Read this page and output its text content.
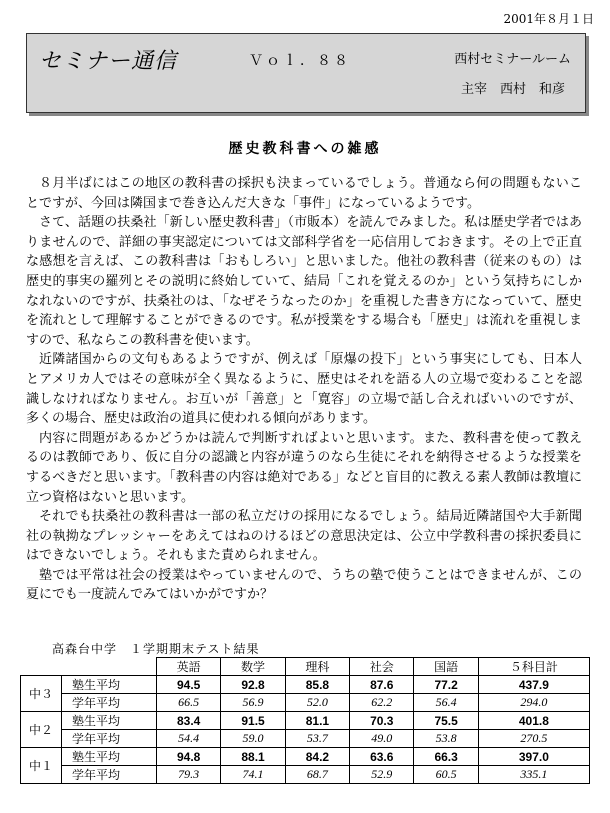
2001年８月１日
セミナー通信	Ｖｏｌ．８８	西村セミナールーム
主宰　西村　和彦
歴史教科書への雑感

８月半ばにはこの地区の教科書の採択も決まっているでしょう。普通なら何の問題もないことですが、今回は隣国まで巻き込んだ大きな「事件」になっているようです。

さて、話題の扶桑社「新しい歴史教科書」（市販本）を読んでみました。私は歴史学者ではありませんので、詳細の事実認定については文部科学省を一応信用しておきます。その上で正直な感想を言えば、この教科書は「おもしろい」と思いました。他社の教科書（従来のもの）は歴史的事実の羅列とその説明に終始していて、結局「これを覚えるのか」という気持ちにしかなれないのですが、扶桑社のは、「なぜそうなったのか」を重視した書き方になっていて、歴史を流れとして理解することができるのです。私が授業をする場合も「歴史」は流れを重視しますので、私ならこの教科書を使います。

近隣諸国からの文句もあるようですが、例えば「原爆の投下」という事実にしても、日本人とアメリカ人ではその意味が全く異なるように、歴史はそれを語る人の立場で変わることを認識しなければなりません。お互いが「善意」と「寛容」の立場で話し合えればいいのですが、多くの場合、歴史は政治の道具に使われる傾向があります。

内容に問題があるかどうかは読んで判断すればよいと思います。また、教科書を使って教えるのは教師であり、仮に自分の認識と内容が違うのなら生徒にそれを納得させるような授業をするべきだと思います。「教科書の内容は絶対である」などと盲目的に教える素人教師は教壇に立つ資格はないと思います。

それでも扶桑社の教科書は一部の私立だけの採用になるでしょう。結局近隣諸国や大手新聞社の執拗なプレッシャーをあえてはねのけるほどの意思決定は、公立中学教科書の採択委員にはできないでしょう。それもまた責められません。

塾では平常は社会の授業はやっていませんので、うちの塾で使うことはできませんが、この夏にでも一度読んでみてはいかがですか？

高森台中学　１学期期末テスト結果
		英語	数学	理科	社会	国語	５科目計
中３	塾生平均	94.5	92.8	85.8	87.6	77.2	437.9
	学年平均	66.5	56.9	52.0	62.2	56.4	294.0
中２	塾生平均	83.4	91.5	81.1	70.3	75.5	401.8
	学年平均	54.4	59.0	53.7	49.0	53.8	270.5
中１	塾生平均	94.8	88.1	84.2	63.6	66.3	397.0
	学年平均	79.3	74.1	68.7	52.9	60.5	335.1
